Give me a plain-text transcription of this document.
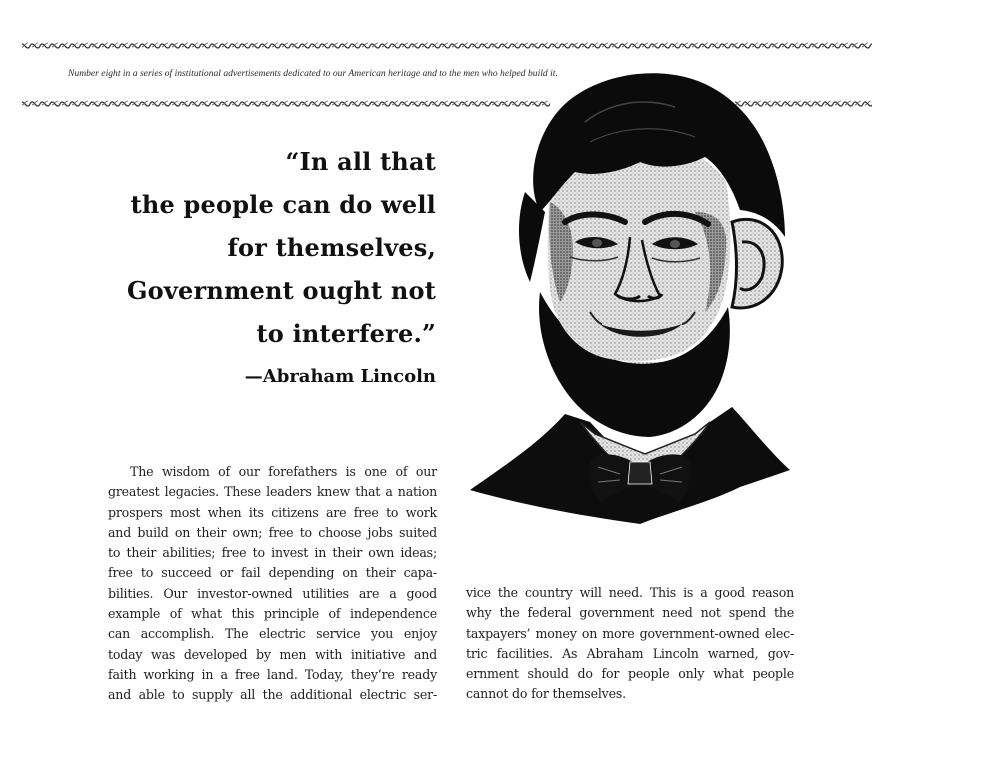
Number eight in a series of institutional advertisements dedicated to our American heritage and to the men who helped build it.
“In all that
the people can do well
for themselves,
Government ought not
to interfere.”
—Abraham Lincoln
The wisdom of our forefathers is one of our
greatest legacies. These leaders knew that a nation
prospers most when its citizens are free to work
and build on their own; free to choose jobs suited
to their abilities; free to invest in their own ideas;
free to succeed or fail depending on their capa-
bilities. Our investor-owned utilities are a good
example of what this principle of independence
can accomplish. The electric service you enjoy
today was developed by men with initiative and
faith working in a free land. Today, they’re ready
and able to supply all the additional electric ser-
vice the country will need. This is a good reason
why the federal government need not spend the
taxpayers’ money on more government-owned elec-
tric facilities. As Abraham Lincoln warned, gov-
ernment should do for people only what people
cannot do for themselves.
